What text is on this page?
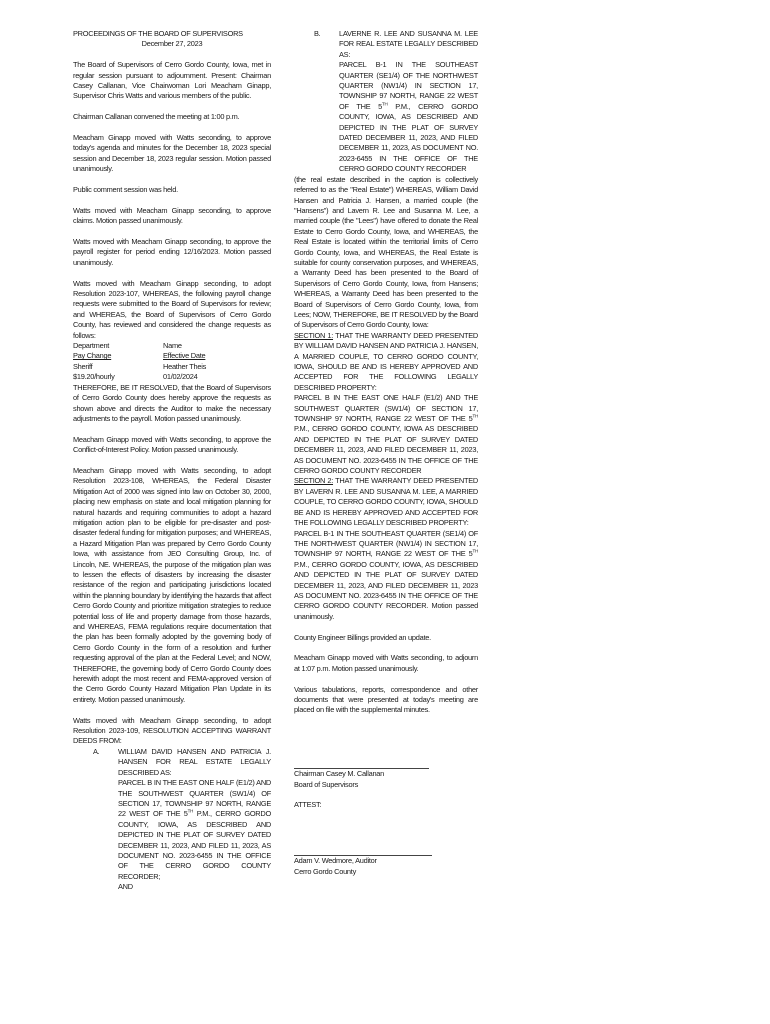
PROCEEDINGS OF THE BOARD OF SUPERVISORS

December 27, 2023

The Board of Supervisors of Cerro Gordo County, Iowa, met in regular session pursuant to adjournment. Present: Chairman Casey Callanan, Vice Chairwoman Lori Meacham Ginapp, Supervisor Chris Watts and various members of the public.

Chairman Callanan convened the meeting at 1:00 p.m.

Meacham Ginapp moved with Watts seconding, to approve today's agenda and minutes for the December 18, 2023 special session and December 18, 2023 regular session. Motion passed unanimously.

Public comment session was held.

Watts moved with Meacham Ginapp seconding, to approve claims. Motion passed unanimously.

Watts moved with Meacham Ginapp seconding, to approve the payroll register for period ending 12/16/2023. Motion passed unanimously.

Watts moved with Meacham Ginapp seconding, to adopt Resolution 2023-107, WHEREAS, the following payroll change requests were submitted to the Board of Supervisors for review; and WHEREAS, the Board of Supervisors of Cerro Gordo County, has reviewed and considered the change requests as follows:

Department	Name
Pay Change	Effective Date
Sheriff	Heather Theis
$19.20/hourly	01/02/2024

THEREFORE, BE IT RESOLVED, that the Board of Supervisors of Cerro Gordo County does hereby approve the requests as shown above and directs the Auditor to make the necessary adjustments to the payroll. Motion passed unanimously.

Meacham Ginapp moved with Watts seconding, to approve the Conflict-of-Interest Policy. Motion passed unanimously.

Meacham Ginapp moved with Watts seconding, to adopt Resolution 2023-108, WHEREAS, the Federal Disaster Mitigation Act of 2000 was signed into law on October 30, 2000, placing new emphasis on state and local mitigation planning for natural hazards and requiring communities to adopt a hazard mitigation action plan to be eligible for pre-disaster and post-disaster federal funding for mitigation purposes; and WHEREAS, a Hazard Mitigation Plan was prepared by Cerro Gordo County Iowa, with assistance from JEO Consulting Group, Inc. of Lincoln, NE. WHEREAS, the purpose of the mitigation plan was to lessen the effects of disasters by increasing the disaster resistance of the region and participating jurisdictions located within the planning boundary by identifying the hazards that affect Cerro Gordo County and prioritize mitigation strategies to reduce potential loss of life and property damage from those hazards, and WHEREAS, FEMA regulations require documentation that the plan has been formally adopted by the governing body of Cerro Gordo County in the form of a resolution and further requesting approval of the plan at the Federal Level; and NOW, THEREFORE, the governing body of Cerro Gordo County does herewith adopt the most recent and FEMA-approved version of the Cerro Gordo County Hazard Mitigation Plan Update in its entirety. Motion passed unanimously.

Watts moved with Meacham Ginapp seconding, to adopt Resolution 2023-109, RESOLUTION ACCEPTING WARRANT DEEDS FROM:

A.	WILLIAM DAVID HANSEN AND PATRICIA J. HANSEN FOR REAL ESTATE LEGALLY DESCRIBED AS:

PARCEL B IN THE EAST ONE HALF (E1/2) AND THE SOUTHWEST QUARTER (SW1/4) OF SECTION 17, TOWNSHIP 97 NORTH, RANGE 22 WEST OF THE 5TH P.M., CERRO GORDO COUNTY, IOWA, AS DESCRIBED AND DEPICTED IN THE PLAT OF SURVEY DATED DECEMBER 11, 2023, AND FILED 11, 2023, AS DOCUMENT NO. 2023-6455 IN THE OFFICE OF THE CERRO GORDO COUNTY RECORDER;

AND

B.	LAVERNE R. LEE AND SUSANNA M. LEE FOR REAL ESTATE LEGALLY DESCRIBED AS:

PARCEL B-1 IN THE SOUTHEAST QUARTER (SE1/4) OF THE NORTHWEST QUARTER (NW1/4) IN SECTION 17, TOWNSHIP 97 NORTH, RANGE 22 WEST OF THE 5TH P.M., CERRO GORDO COUNTY, IOWA, AS DESCRIBED AND DEPICTED IN THE PLAT OF SURVEY DATED DECEMBER 11, 2023, AND FILED DECEMBER 11, 2023, AS DOCUMENT NO. 2023-6455 IN THE OFFICE OF THE CERRO GORDO COUNTY RECORDER

(the real estate described in the caption is collectively referred to as the "Real Estate") WHEREAS, William David Hansen and Patricia J. Hansen, a married couple (the "Hansens") and Lavern R. Lee and Susanna M. Lee, a married couple (the "Lees") have offered to donate the Real Estate to Cerro Gordo County, Iowa, and WHEREAS, the Real Estate is located within the territorial limits of Cerro Gordo County, Iowa, and WHEREAS, the Real Estate is suitable for county conservation purposes, and WHEREAS, a Warranty Deed has been presented to the Board of Supervisors of Cerro Gordo County, Iowa, from Hansens; WHEREAS, a Warranty Deed has been presented to the Board of Supervisors of Cerro Gordo County, Iowa, from Lees; NOW, THEREFORE, BE IT RESOLVED by the Board of Supervisors of Cerro Gordo County, Iowa:

SECTION 1: THAT THE WARRANTY DEED PRESENTED BY WILLIAM DAVID HANSEN AND PATRICIA J. HANSEN, A MARRIED COUPLE, TO CERRO GORDO COUNTY, IOWA, SHOULD BE AND IS HEREBY APPROVED AND ACCEPTED FOR THE FOLLOWING LEGALLY DESCRIBED PROPERTY:

PARCEL B IN THE EAST ONE HALF (E1/2) AND THE SOUTHWEST QUARTER (SW1/4) OF SECTION 17, TOWNSHIP 97 NORTH, RANGE 22 WEST OF THE 5TH P.M., CERRO GORDO COUNTY, IOWA AS DESCRIBED AND DEPICTED IN THE PLAT OF SURVEY DATED DECEMBER 11, 2023, AND FILED DECEMBER 11, 2023, AS DOCUMENT NO. 2023-6455 IN THE OFFICE OF THE CERRO GORDO COUNTY RECORDER

SECTION 2: THAT THE WARRANTY DEED PRESENTED BY LAVERN R. LEE AND SUSANNA M. LEE, A MARRIED COUPLE, TO CERRO GORDO COUNTY, IOWA, SHOULD BE AND IS HEREBY APPROVED AND ACCEPTED FOR THE FOLLOWING LEGALLY DESCRIBED PROPERTY:

PARCEL B-1 IN THE SOUTHEAST QUARTER (SE1/4) OF THE NORTHWEST QUARTER (NW1/4) IN SECTION 17, TOWNSHIP 97 NORTH, RANGE 22 WEST OF THE 5TH P.M., CERRO GORDO COUNTY, IOWA, AS DESCRIBED AND DEPICTED IN THE PLAT OF SURVEY DATED DECEMBER 11, 2023, AND FILED DECEMBER 11, 2023 AS DOCUMENT NO. 2023-6455 IN THE OFFICE OF THE CERRO GORDO COUNTY RECORDER. Motion passed unanimously.

County Engineer Billings provided an update.

Meacham Ginapp moved with Watts seconding, to adjourn at 1:07 p.m. Motion passed unanimously.

Various tabulations, reports, correspondence and other documents that were presented at today's meeting are placed on file with the supplemental minutes.

Chairman Casey M. Callanan

Board of Supervisors

ATTEST:

Adam V. Wedmore, Auditor

Cerro Gordo County
